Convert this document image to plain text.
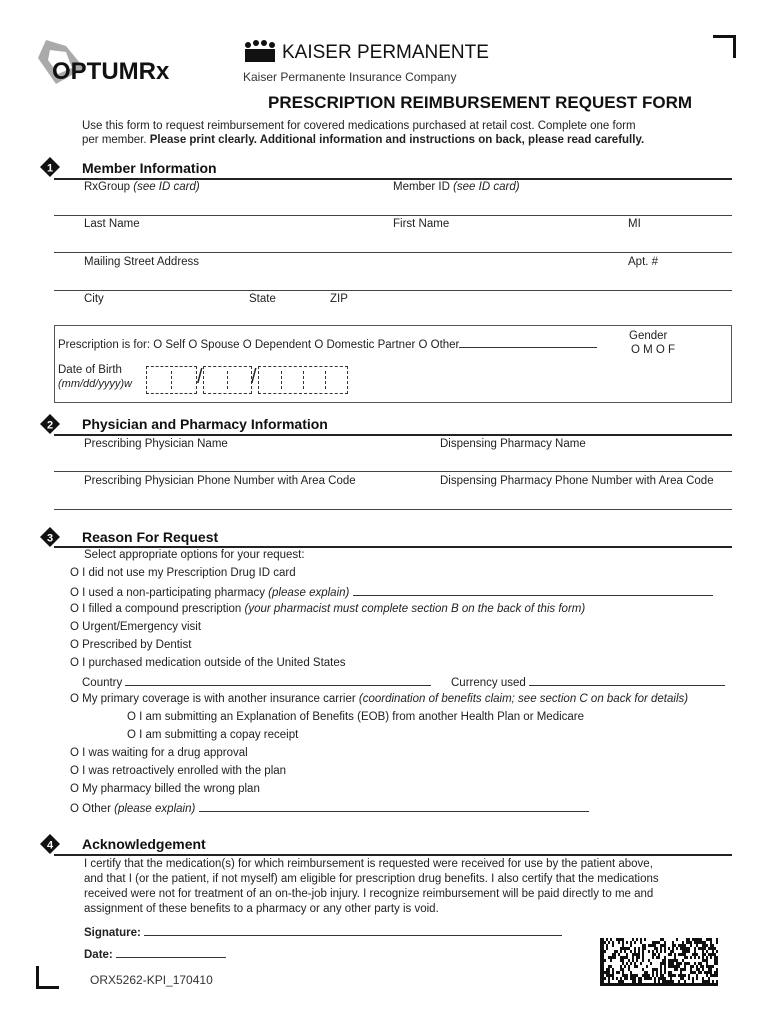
OPTUMRx
KAISER PERMANENTE
Kaiser Permanente Insurance Company
PRESCRIPTION REIMBURSEMENT REQUEST FORM
Use this form to request reimbursement for covered medications purchased at retail cost. Complete one form
per member. Please print clearly. Additional information and instructions on back, please read carefully.
1 Member Information
RxGroup (see ID card)	Member ID (see ID card)
Last Name	First Name	MI
Mailing Street Address	Apt. #
City	State	ZIP
Prescription is for: O Self O Spouse O Dependent O Domestic Partner O Other
Gender
O M O F
Date of Birth
(mm/dd/yyyy)w	/ /
2 Physician and Pharmacy Information
Prescribing Physician Name	Dispensing Pharmacy Name
Prescribing Physician Phone Number with Area Code	Dispensing Pharmacy Phone Number with Area Code
3 Reason For Request
Select appropriate options for your request:
O I did not use my Prescription Drug ID card
O I used a non-participating pharmacy (please explain)
O I filled a compound prescription (your pharmacist must complete section B on the back of this form)
O Urgent/Emergency visit
O Prescribed by Dentist
O I purchased medication outside of the United States
Country	Currency used
O My primary coverage is with another insurance carrier (coordination of benefits claim; see section C on back for details)
O I am submitting an Explanation of Benefits (EOB) from another Health Plan or Medicare
O I am submitting a copay receipt
O I was waiting for a drug approval
O I was retroactively enrolled with the plan
O My pharmacy billed the wrong plan
O Other (please explain)
4 Acknowledgement
I certify that the medication(s) for which reimbursement is requested were received for use by the patient above,
and that I (or the patient, if not myself) am eligible for prescription drug benefits. I also certify that the medications
received were not for treatment of an on-the-job injury. I recognize reimbursement will be paid directly to me and
assignment of these benefits to a pharmacy or any other party is void.
Signature:
Date:
ORX5262-KPI_170410
